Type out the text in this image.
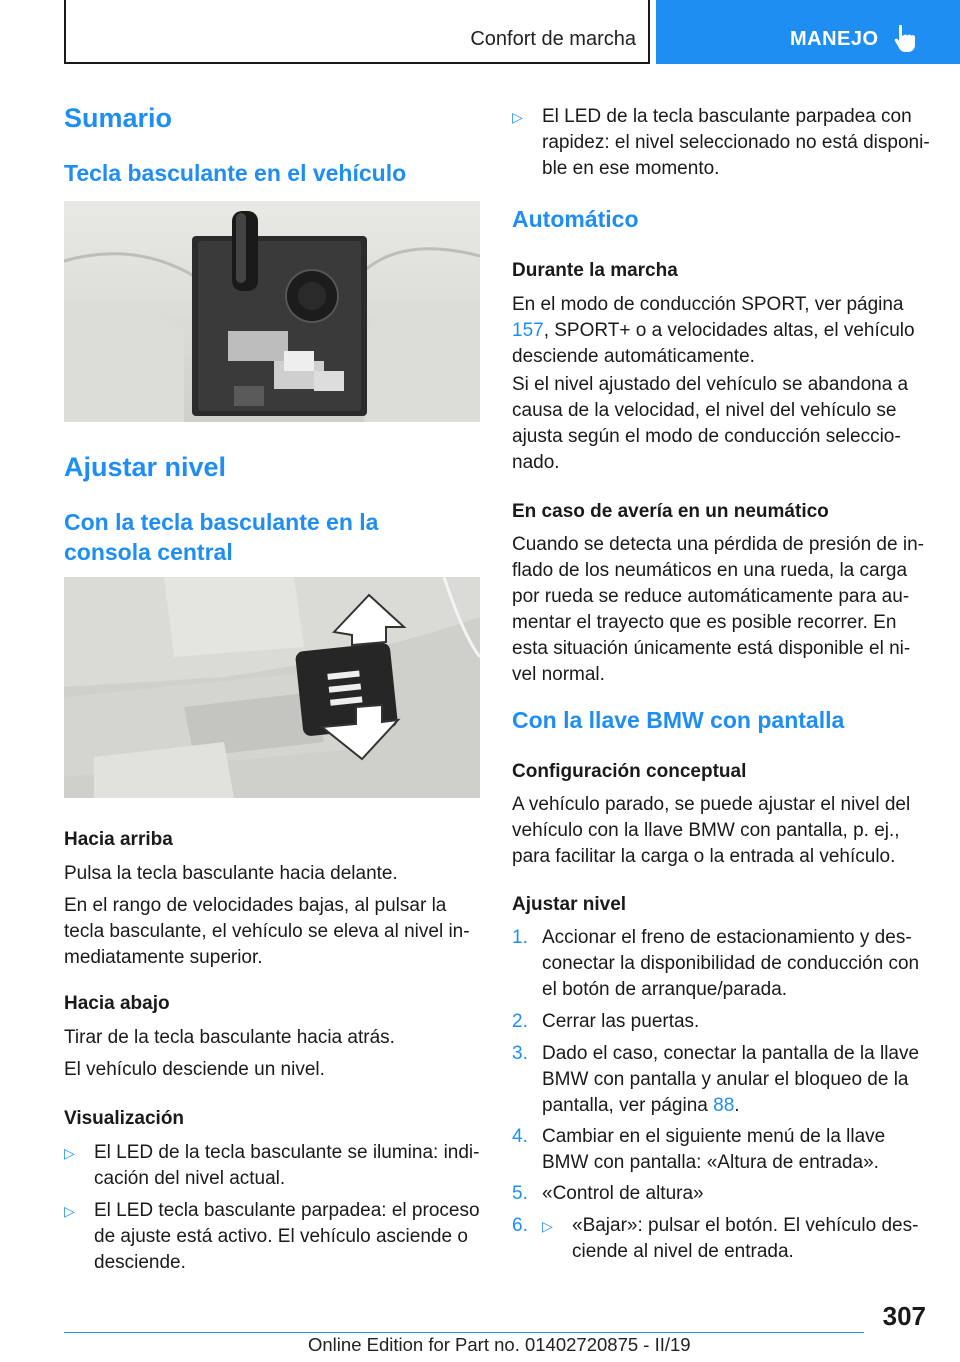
Confort de marcha	MANEJO
Sumario
Tecla basculante en el vehículo
Ajustar nivel
Con la tecla basculante en la consola central

Hacia arriba

Pulsa la tecla basculante hacia delante.

En el rango de velocidades bajas, al pulsar la tecla basculante, el vehículo se eleva al nivel inmediatamente superior.

Hacia abajo

Tirar de la tecla basculante hacia atrás.

El vehículo desciende un nivel.

Visualización

▷ El LED de la tecla basculante se ilumina: indicación del nivel actual.
▷ El LED tecla basculante parpadea: el proceso de ajuste está activo. El vehículo asciende o desciende.
▷ El LED de la tecla basculante parpadea con rapidez: el nivel seleccionado no está disponible en ese momento.
Automático

Durante la marcha

En el modo de conducción SPORT, ver página 157, SPORT+ o a velocidades altas, el vehículo desciende automáticamente.

Si el nivel ajustado del vehículo se abandona a causa de la velocidad, el nivel del vehículo se ajusta según el modo de conducción seleccionado.

En caso de avería en un neumático

Cuando se detecta una pérdida de presión de inflado de los neumáticos en una rueda, la carga por rueda se reduce automáticamente para aumentar el trayecto que es posible recorrer. En esta situación únicamente está disponible el nivel normal.

Con la llave BMW con pantalla

Configuración conceptual

A vehículo parado, se puede ajustar el nivel del vehículo con la llave BMW con pantalla, p. ej., para facilitar la carga o la entrada al vehículo.

Ajustar nivel

1. Accionar el freno de estacionamiento y desconectar la disponibilidad de conducción con el botón de arranque/parada.
2. Cerrar las puertas.
3. Dado el caso, conectar la pantalla de la llave BMW con pantalla y anular el bloqueo de la pantalla, ver página 88.
4. Cambiar en el siguiente menú de la llave BMW con pantalla: «Altura de entrada».
5. «Control de altura»
6. ▷ «Bajar»: pulsar el botón. El vehículo desciende al nivel de entrada.
307
Online Edition for Part no. 01402720875 - II/19
